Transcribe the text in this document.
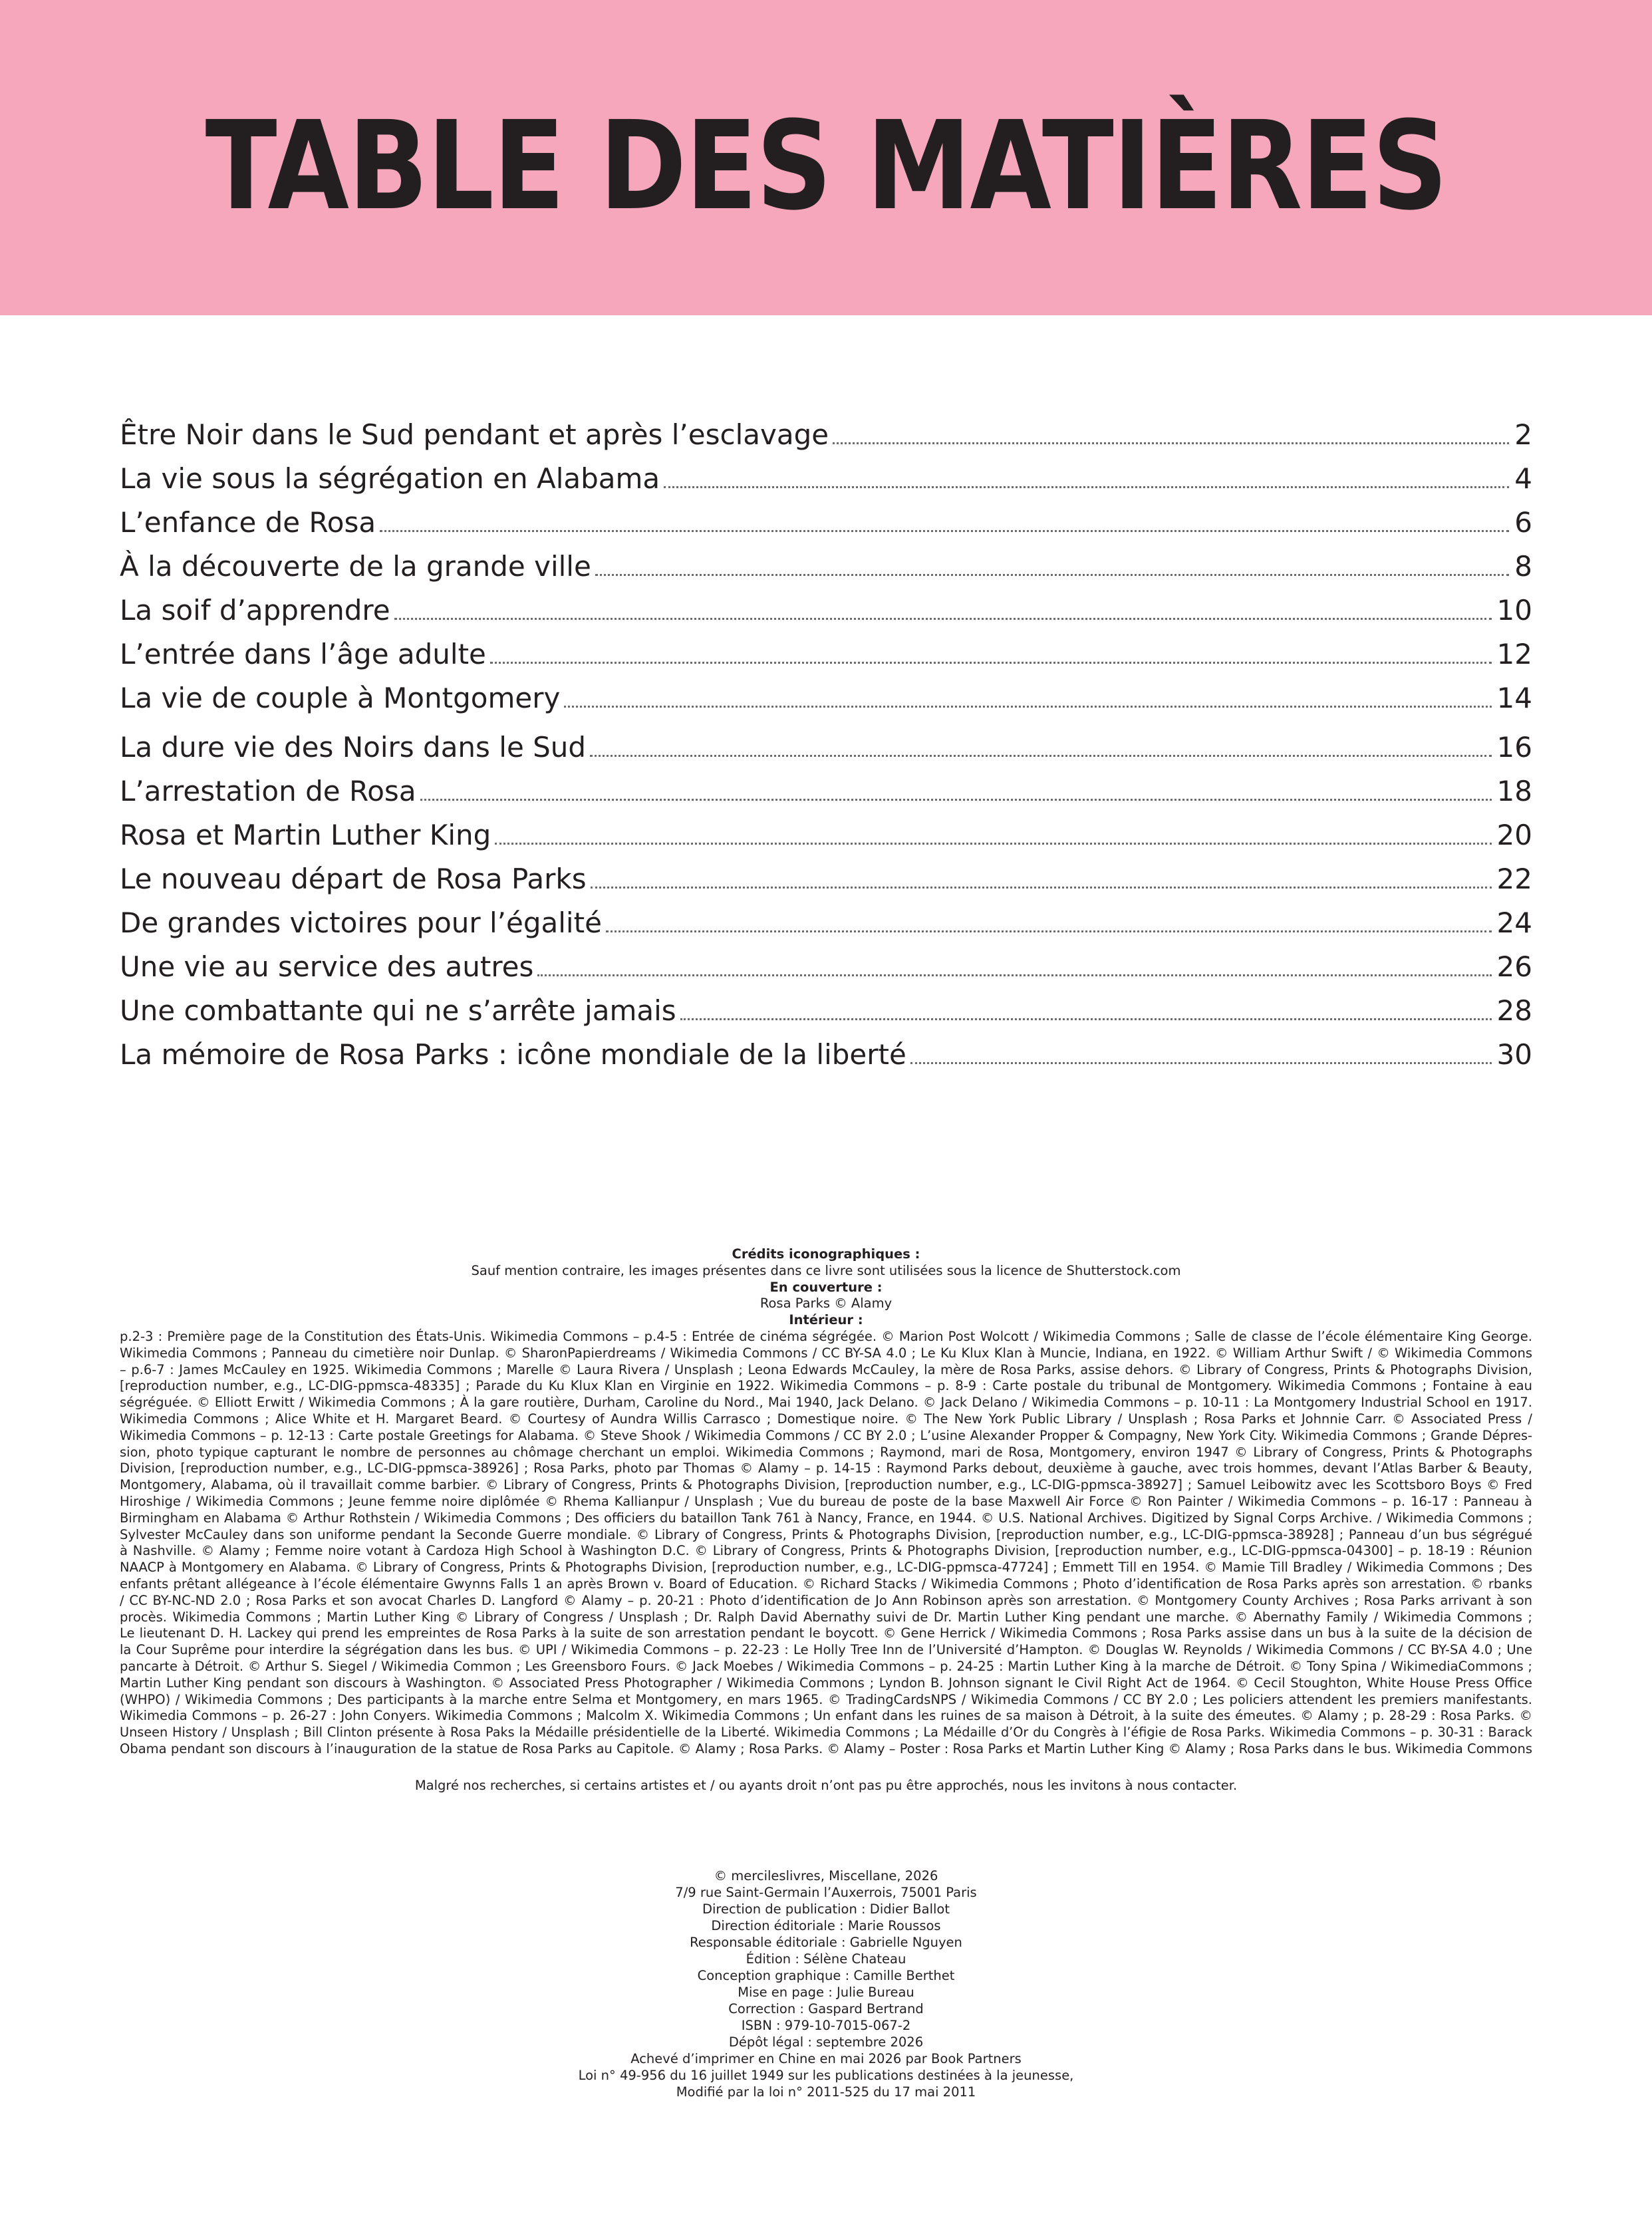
TABLE DES MATIÈRES
Être Noir dans le Sud pendant et après l’esclavage	2
La vie sous la ségrégation en Alabama	4
L’enfance de Rosa	6
À la découverte de la grande ville	8
La soif d’apprendre	10
L’entrée dans l’âge adulte	12
La vie de couple à Montgomery	14
La dure vie des Noirs dans le Sud	16
L’arrestation de Rosa	18
Rosa et Martin Luther King	20
Le nouveau départ de Rosa Parks	22
De grandes victoires pour l’égalité	24
Une vie au service des autres	26
Une combattante qui ne s’arrête jamais	28
La mémoire de Rosa Parks : icône mondiale de la liberté	30
Crédits iconographiques :
Sauf mention contraire, les images présentes dans ce livre sont utilisées sous la licence de Shutterstock.com
En couverture :
Rosa Parks © Alamy
Intérieur :

p.2-3 : Première page de la Constitution des États-Unis. Wikimedia Commons – p.4-5 : Entrée de cinéma ségrégée. © Marion Post Wolcott / Wikimedia Commons ; Salle de classe de l’école élémentaire King George.

Wikimedia Commons ; Panneau du cimetière noir Dunlap. © SharonPapierdreams / Wikimedia Commons / CC BY-SA 4.0 ; Le Ku Klux Klan à Muncie, Indiana, en 1922. © William Arthur Swift / © Wikimedia Commons

– p.6-7 : James McCauley en 1925. Wikimedia Commons ; Marelle © Laura Rivera / Unsplash ; Leona Edwards McCauley, la mère de Rosa Parks, assise dehors. © Library of Congress, Prints & Photographs Division,

[reproduction number, e.g., LC-DIG-ppmsca-48335] ; Parade du Ku Klux Klan en Virginie en 1922. Wikimedia Commons – p. 8-9 : Carte postale du tribunal de Montgomery. Wikimedia Commons ; Fontaine à eau

ségréguée. © Elliott Erwitt / Wikimedia Commons ; À la gare routière, Durham, Caroline du Nord., Mai 1940, Jack Delano. © Jack Delano / Wikimedia Commons – p. 10-11 : La Montgomery Industrial School en 1917.

Wikimedia Commons ; Alice White et H. Margaret Beard. © Courtesy of Aundra Willis Carrasco ; Domestique noire. © The New York Public Library / Unsplash ; Rosa Parks et Johnnie Carr. © Associated Press /

Wikimedia Commons – p. 12-13 : Carte postale Greetings for Alabama. © Steve Shook / Wikimedia Commons / CC BY 2.0 ; L’usine Alexander Propper & Compagny, New York City. Wikimedia Commons ; Grande Dépres-

sion, photo typique capturant le nombre de personnes au chômage cherchant un emploi. Wikimedia Commons ; Raymond, mari de Rosa, Montgomery, environ 1947 © Library of Congress, Prints & Photographs

Division, [reproduction number, e.g., LC-DIG-ppmsca-38926] ; Rosa Parks, photo par Thomas © Alamy – p. 14-15 : Raymond Parks debout, deuxième à gauche, avec trois hommes, devant l’Atlas Barber & Beauty,

Montgomery, Alabama, où il travaillait comme barbier. © Library of Congress, Prints & Photographs Division, [reproduction number, e.g., LC-DIG-ppmsca-38927] ; Samuel Leibowitz avec les Scottsboro Boys © Fred

Hiroshige / Wikimedia Commons ; Jeune femme noire diplômée © Rhema Kallianpur / Unsplash ; Vue du bureau de poste de la base Maxwell Air Force © Ron Painter / Wikimedia Commons – p. 16-17 : Panneau à

Birmingham en Alabama © Arthur Rothstein / Wikimedia Commons ; Des officiers du bataillon Tank 761 à Nancy, France, en 1944. © U.S. National Archives. Digitized by Signal Corps Archive. / Wikimedia Commons ;

Sylvester McCauley dans son uniforme pendant la Seconde Guerre mondiale. © Library of Congress, Prints & Photographs Division, [reproduction number, e.g., LC-DIG-ppmsca-38928] ; Panneau d’un bus ségrégué

à Nashville. © Alamy ; Femme noire votant à Cardoza High School à Washington D.C. © Library of Congress, Prints & Photographs Division, [reproduction number, e.g., LC-DIG-ppmsca-04300] – p. 18-19 : Réunion

NAACP à Montgomery en Alabama. © Library of Congress, Prints & Photographs Division, [reproduction number, e.g., LC-DIG-ppmsca-47724] ; Emmett Till en 1954. © Mamie Till Bradley / Wikimedia Commons ; Des

enfants prêtant allégeance à l’école élémentaire Gwynns Falls 1 an après Brown v. Board of Education. © Richard Stacks / Wikimedia Commons ; Photo d’identification de Rosa Parks après son arrestation. © rbanks

/ CC BY-NC-ND 2.0 ; Rosa Parks et son avocat Charles D. Langford © Alamy – p. 20-21 : Photo d’identification de Jo Ann Robinson après son arrestation. © Montgomery County Archives ; Rosa Parks arrivant à son

procès. Wikimedia Commons ; Martin Luther King © Library of Congress / Unsplash ; Dr. Ralph David Abernathy suivi de Dr. Martin Luther King pendant une marche. © Abernathy Family / Wikimedia Commons ;

Le lieutenant D. H. Lackey qui prend les empreintes de Rosa Parks à la suite de son arrestation pendant le boycott. © Gene Herrick / Wikimedia Commons ; Rosa Parks assise dans un bus à la suite de la décision de

la Cour Suprême pour interdire la ségrégation dans les bus. © UPI / Wikimedia Commons – p. 22-23 : Le Holly Tree Inn de l’Université d’Hampton. © Douglas W. Reynolds / Wikimedia Commons / CC BY-SA 4.0 ; Une

pancarte à Détroit. © Arthur S. Siegel / Wikimedia Common ; Les Greensboro Fours. © Jack Moebes / Wikimedia Commons – p. 24-25 : Martin Luther King à la marche de Détroit. © Tony Spina / WikimediaCommons ;

Martin Luther King pendant son discours à Washington. © Associated Press Photographer / Wikimedia Commons ; Lyndon B. Johnson signant le Civil Right Act de 1964. © Cecil Stoughton, White House Press Office

(WHPO) / Wikimedia Commons ; Des participants à la marche entre Selma et Montgomery, en mars 1965. © TradingCardsNPS / Wikimedia Commons / CC BY 2.0 ; Les policiers attendent les premiers manifestants.

Wikimedia Commons – p. 26-27 : John Conyers. Wikimedia Commons ; Malcolm X. Wikimedia Commons ; Un enfant dans les ruines de sa maison à Détroit, à la suite des émeutes. © Alamy ; p. 28-29 : Rosa Parks. ©

Unseen History / Unsplash ; Bill Clinton présente à Rosa Paks la Médaille présidentielle de la Liberté. Wikimedia Commons ; La Médaille d’Or du Congrès à l’éfigie de Rosa Parks. Wikimedia Commons – p. 30-31 : Barack

Obama pendant son discours à l’inauguration de la statue de Rosa Parks au Capitole. © Alamy ; Rosa Parks. © Alamy – Poster : Rosa Parks et Martin Luther King © Alamy ; Rosa Parks dans le bus. Wikimedia Commons

Malgré nos recherches, si certains artistes et / ou ayants droit n’ont pas pu être approchés, nous les invitons à nous contacter.
© mercileslivres, Miscellane, 2026
7/9 rue Saint-Germain l’Auxerrois, 75001 Paris
Direction de publication : Didier Ballot
Direction éditoriale : Marie Roussos
Responsable éditoriale : Gabrielle Nguyen
Édition : Sélène Chateau
Conception graphique : Camille Berthet
Mise en page : Julie Bureau
Correction : Gaspard Bertrand
ISBN : 979-10-7015-067-2
Dépôt légal : septembre 2026
Achevé d’imprimer en Chine en mai 2026 par Book Partners
Loi n° 49-956 du 16 juillet 1949 sur les publications destinées à la jeunesse,
Modifié par la loi n° 2011-525 du 17 mai 2011
